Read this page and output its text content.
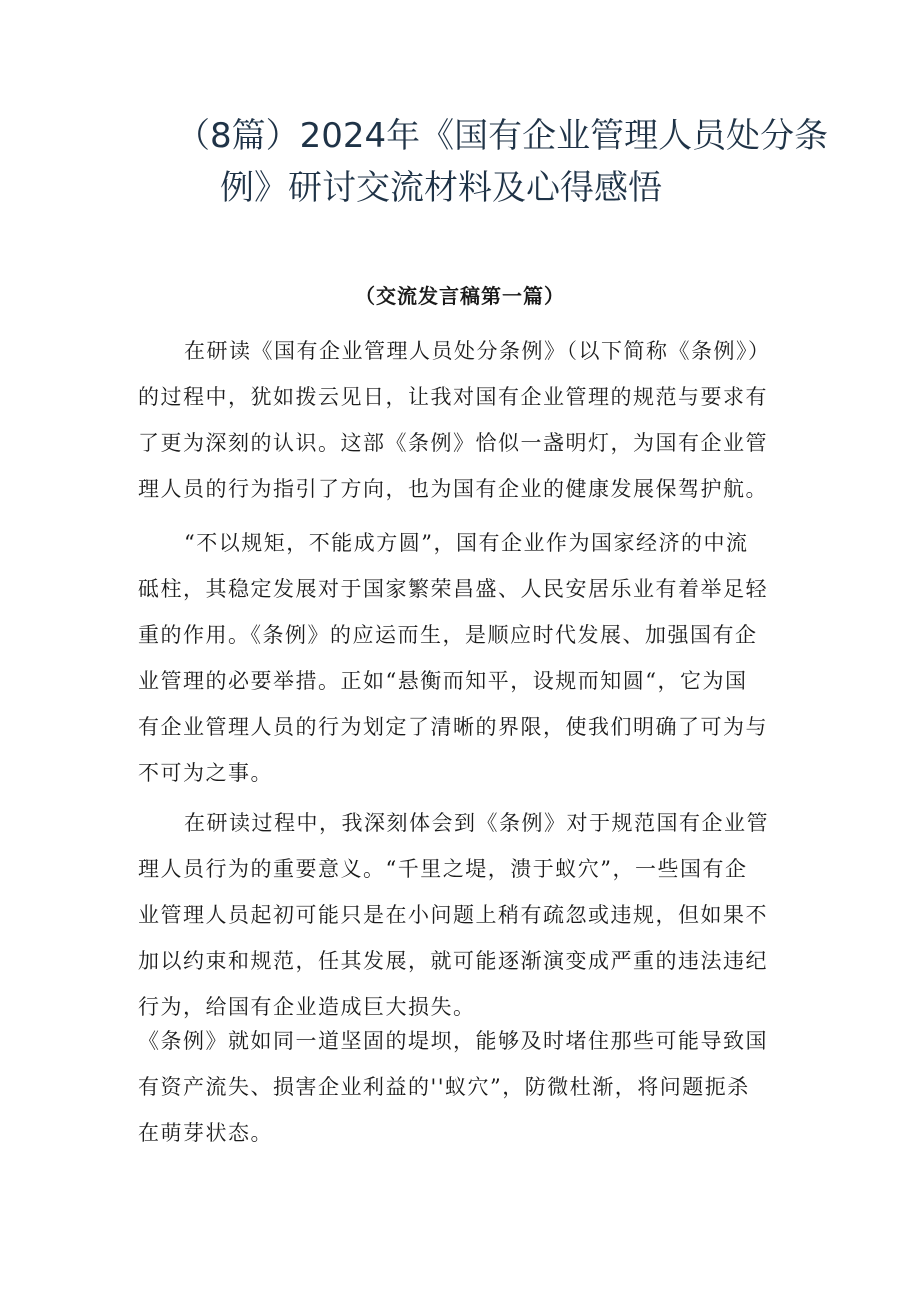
（8篇）2024年《国有企业管理人员处分条
例》研讨交流材料及心得感悟
（交流发言稿第一篇）

在研读《国有企业管理人员处分条例》（以下简称《条例》）
的过程中，犹如拨云见日，让我对国有企业管理的规范与要求有
了更为深刻的认识。这部《条例》恰似一盏明灯，为国有企业管
理人员的行为指引了方向，也为国有企业的健康发展保驾护航。

“不以规矩，不能成方圆”，国有企业作为国家经济的中流
砥柱，其稳定发展对于国家繁荣昌盛、人民安居乐业有着举足轻
重的作用。《条例》的应运而生，是顺应时代发展、加强国有企
业管理的必要举措。正如“悬衡而知平，设规而知圆“，它为国
有企业管理人员的行为划定了清晰的界限，使我们明确了可为与
不可为之事。

在研读过程中，我深刻体会到《条例》对于规范国有企业管
理人员行为的重要意义。“千里之堤，溃于蚁穴”，一些国有企
业管理人员起初可能只是在小问题上稍有疏忽或违规，但如果不
加以约束和规范，任其发展，就可能逐渐演变成严重的违法违纪
行为，给国有企业造成巨大损失。

《条例》就如同一道坚固的堤坝，能够及时堵住那些可能导致国
有资产流失、损害企业利益的''蚁穴”，防微杜渐，将问题扼杀
在萌芽状态。
